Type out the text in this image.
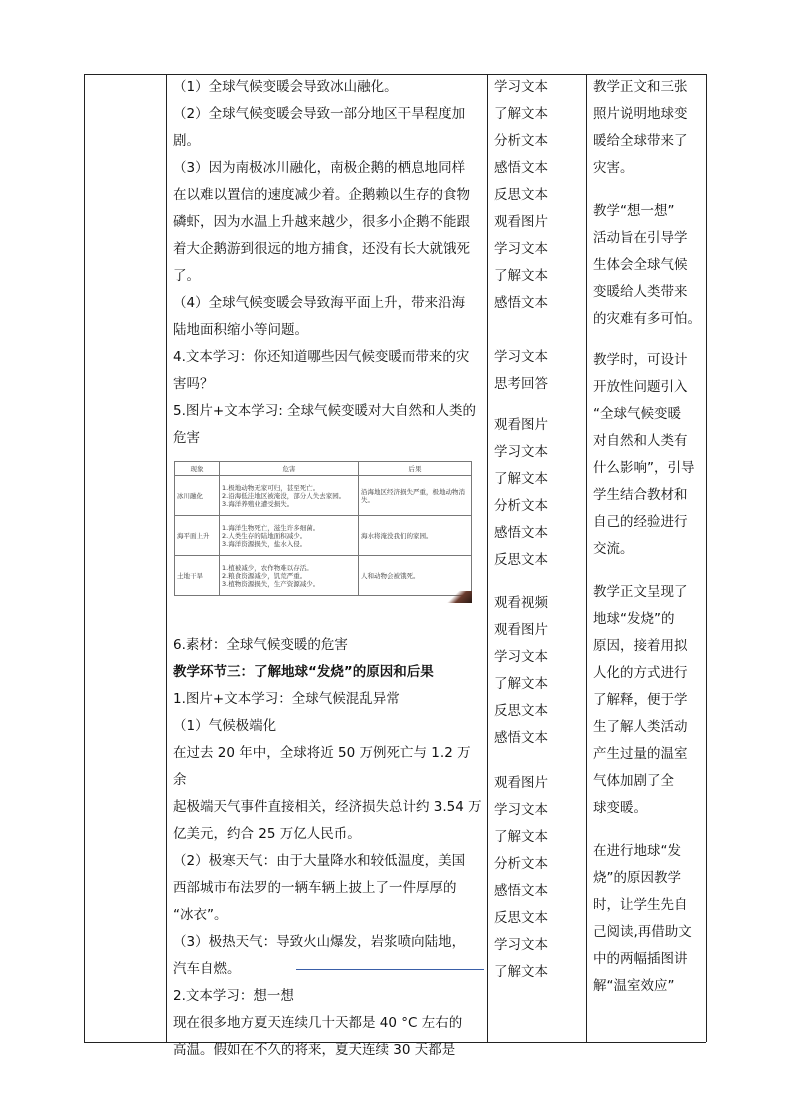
（1）全球气候变暖会导致冰山融化。
（2）全球气候变暖会导致一部分地区干旱程度加
剧。
（3）因为南极冰川融化，南极企鹅的栖息地同样
在以难以置信的速度减少着。企鹅赖以生存的食物
磷虾，因为水温上升越来越少，很多小企鹅不能跟
着大企鹅游到很远的地方捕食，还没有长大就饿死
了。
（4）全球气候变暖会导致海平面上升，带来沿海
陆地面积缩小等问题。
4.文本学习：你还知道哪些因气候变暖而带来的灾
害吗？
5.图片+文本学习: 全球气候变暖对大自然和人类的
危害
6.素材：全球气候变暖的危害

教学环节三：了解地球“发烧”的原因和后果

1.图片+文本学习：全球气候混乱异常
（1）气候极端化
在过去 20 年中，全球将近 50 万例死亡与 1.2 万余
起极端天气事件直接相关，经济损失总计约 3.54 万
亿美元，约合 25 万亿人民币。
（2）极寒天气：由于大量降水和较低温度，美国
西部城市布法罗的一辆车辆上披上了一件厚厚的
“冰衣”。
（3）极热天气：导致火山爆发，岩浆喷向陆地，
汽车自燃。
2.文本学习：想一想
现在很多地方夏天连续几十天都是 40 °C 左右的
高温。假如在不久的将来，夏天连续 30 天都是
现象	危害	后果
冰川融化	1.极地动物无家可归，甚至死亡。
2.沿海低洼地区被淹没，部分人失去家园。
3.海洋养殖业遭受损失。	沿海地区经济损失严重，极地动物消失。
海平面上升	1.海洋生物死亡，滋生许多细菌。
2.人类生存的陆地面积减少。
3.海洋资源损失，盐水入侵。	海水将淹没我们的家园。
土地干旱	1.植被减少，农作物难以存活。
2.粮食资源减少，饥荒严重。
3.植物资源损失，生产资源减少。	人和动物会被饿死。
学习文本
了解文本
分析文本
感悟文本
反思文本
观看图片
学习文本
了解文本
感悟文本
学习文本
思考回答
观看图片
学习文本
了解文本
分析文本
感悟文本
反思文本
观看视频
观看图片
学习文本
了解文本
反思文本
感悟文本
观看图片
学习文本
了解文本
分析文本
感悟文本
反思文本
学习文本
了解文本
教学正文和三张
照片说明地球变
暖给全球带来了
灾害。
教学“想一想”
活动旨在引导学
生体会全球气候
变暖给人类带来
的灾难有多可怕。
教学时，可设计
开放性问题引入
“全球气候变暖
对自然和人类有
什么影响”，引导
学生结合教材和
自己的经验进行
交流。
教学正文呈现了
地球“发烧”的
原因，接着用拟
人化的方式进行
了解释，便于学
生了解人类活动
产生过量的温室
气体加剧了全
球变暖。
在进行地球“发
烧”的原因教学
时，让学生先自
己阅读,再借助文
中的两幅插图讲
解“温室效应”
